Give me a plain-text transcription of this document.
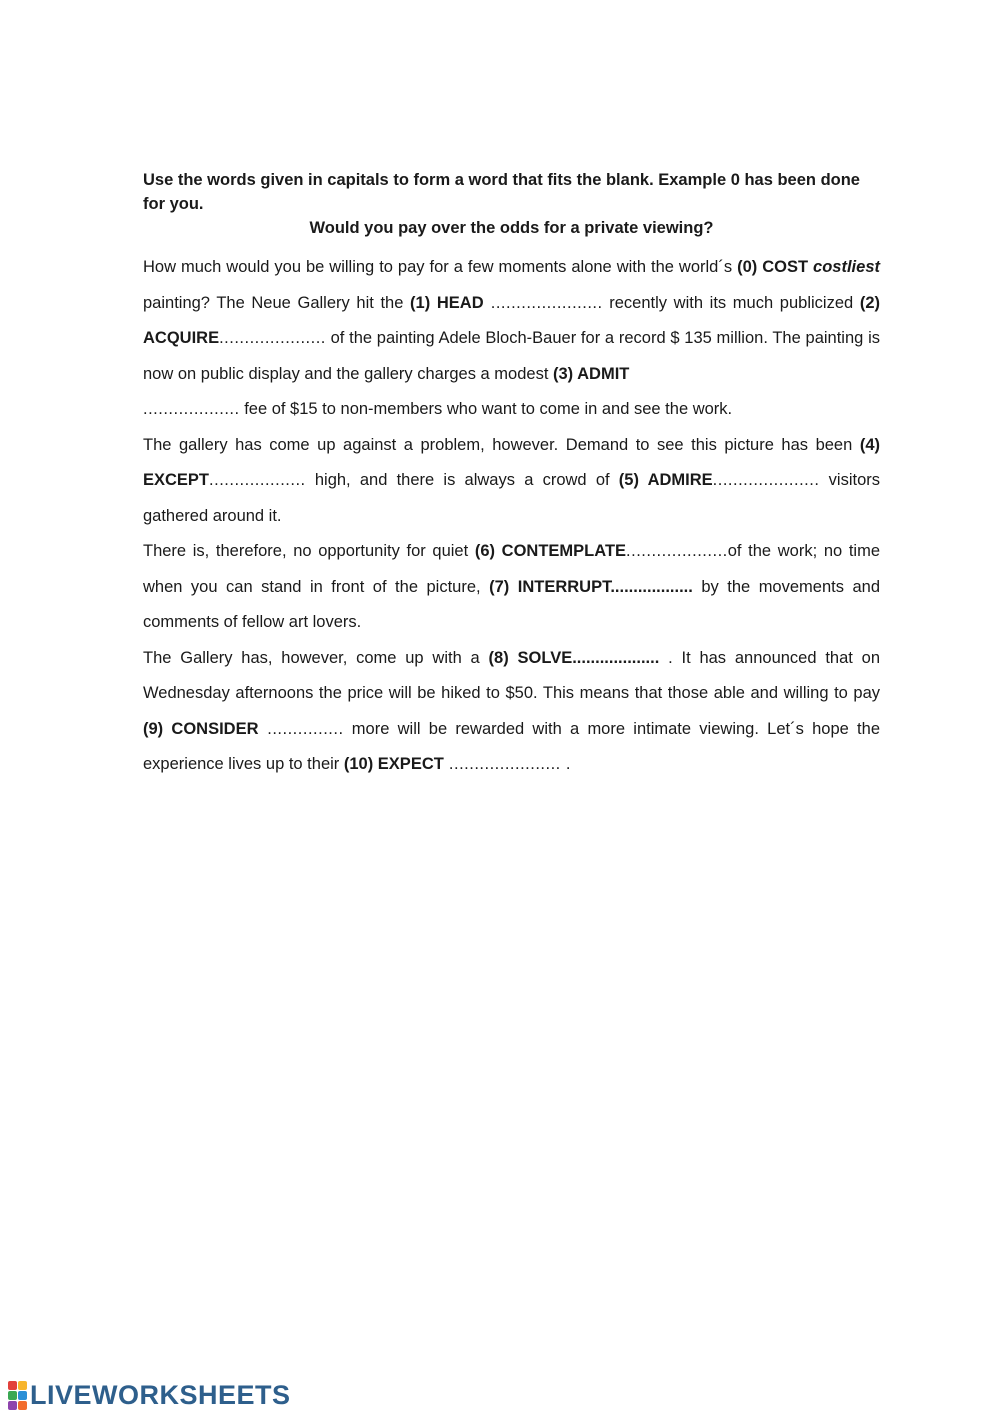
Use the words given in capitals to form a word that fits the blank. Example 0 has been done for you.

Would you pay over the odds for a private viewing?

How much would you be willing to pay for a few moments alone with the world´s (0) COST costliest painting? The Neue Gallery hit the (1) HEAD ...................... recently with its much publicized (2) ACQUIRE..................... of the painting Adele Bloch-Bauer for a record $ 135 million. The painting is now on public display and the gallery charges a modest (3) ADMIT
................... fee of $15 to non-members who want to come in and see the work.

The gallery has come up against a problem, however. Demand to see this picture has been (4) EXCEPT................... high, and there is always a crowd of (5) ADMIRE..................... visitors gathered around it.

There is, therefore, no opportunity for quiet (6) CONTEMPLATE....................of the work; no time when you can stand in front of the picture, (7) INTERRUPT.................. by the movements and comments of fellow art lovers.

The Gallery has, however, come up with a (8) SOLVE................... . It has announced that on Wednesday afternoons the price will be hiked to $50. This means that those able and willing to pay (9) CONSIDER ............... more will be rewarded with a more intimate viewing. Let´s hope the experience lives up to their (10) EXPECT ...................... .

LIVEWORKSHEETS
